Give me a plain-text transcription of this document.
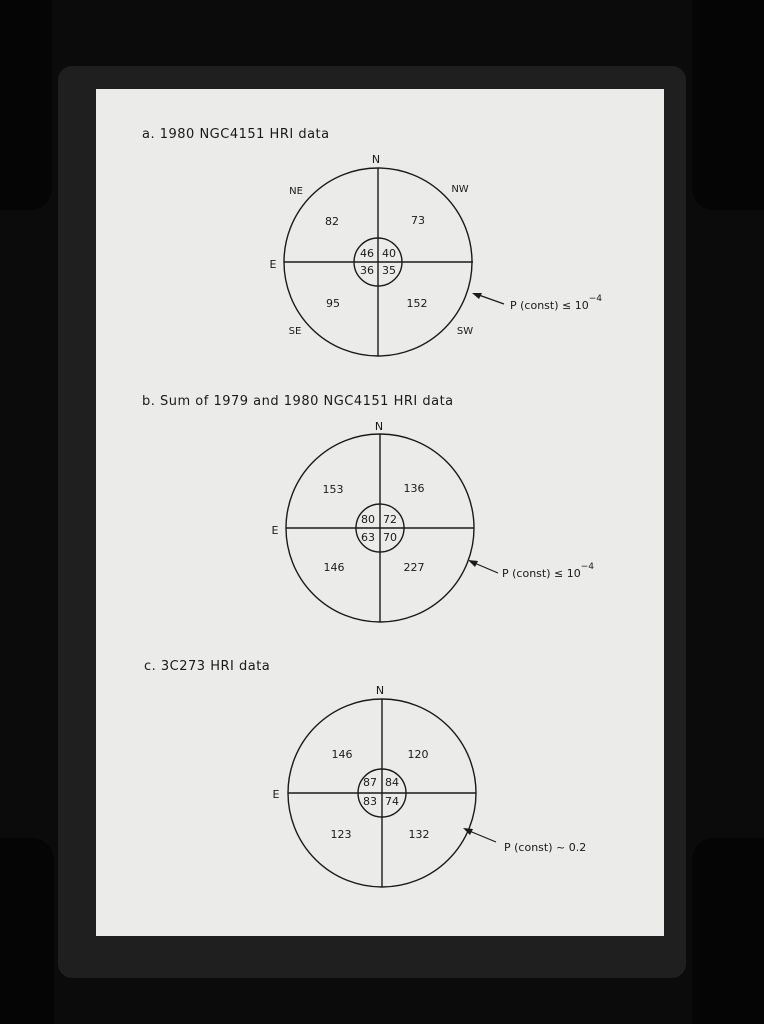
a. 1980 NGC4151 HRI data
N
E
NE	NW
SE	SW
82	73
95	152
46 40
36 35
P (const) ≤ $10^{-4}$
b. Sum of 1979 and 1980 NGC4151 HRI data
N
E
153	136
146	227
80 72
63 70
P (const) ≤ $10^{-4}$
c. 3C273 HRI data
N
E
146	120
123	132
87 84
83 74
P (const) ~ 0.2
